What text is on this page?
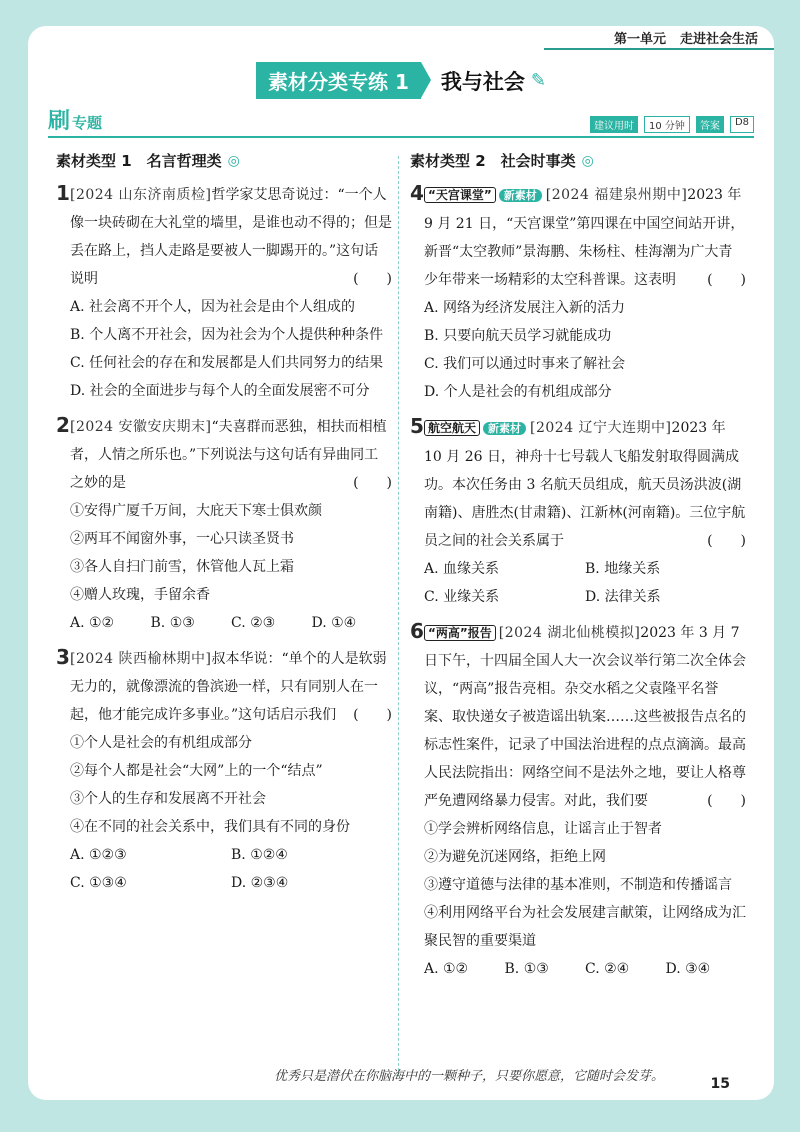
第一单元 走进社会生活
素材分类专练 1	我与社会 ✎
刷 专题	建议用时	10 分钟	答案	D8
素材类型 1　名言哲理类 ◎
1 [2024 山东济南质检]哲学家艾思奇说过：“一个人像一块砖砌在大礼堂的墙里，是谁也动不得的；但是丢在路上，挡人走路是要被人一脚踢开的。”这句话说明	(　　)
A. 社会离不开个人，因为社会是由个人组成的
B. 个人离不开社会，因为社会为个人提供种种条件
C. 任何社会的存在和发展都是人们共同努力的结果
D. 社会的全面进步与每个人的全面发展密不可分
2 [2024 安徽安庆期末]“夫喜群而恶独，相扶而相植者，人情之所乐也。”下列说法与这句话有异曲同工之妙的是	(　　)
①安得广厦千万间，大庇天下寒士俱欢颜
②两耳不闻窗外事，一心只读圣贤书
③各人自扫门前雪，休管他人瓦上霜
④赠人玫瑰，手留余香
A. ①②	B. ①③	C. ②③	D. ①④
3 [2024 陕西榆林期中]叔本华说：“单个的人是软弱无力的，就像漂流的鲁滨逊一样，只有同别人在一起，他才能完成许多事业。”这句话启示我们 (　　)
①个人是社会的有机组成部分
②每个人都是社会“大网”上的一个“结点”
③个人的生存和发展离不开社会
④在不同的社会关系中，我们具有不同的身份
A. ①②③	B. ①②④
C. ①③④	D. ②③④
素材类型 2　社会时事类 ◎
4 “天宫课堂” 新素材 [2024 福建泉州期中]2023 年 9 月 21 日，“天宫课堂”第四课在中国空间站开讲，新晋“太空教师”景海鹏、朱杨柱、桂海潮为广大青少年带来一场精彩的太空科普课。这表明 (　　)
A. 网络为经济发展注入新的活力
B. 只要向航天员学习就能成功
C. 我们可以通过时事来了解社会
D. 个人是社会的有机组成部分
5 航空航天 新素材 [2024 辽宁大连期中]2023 年 10 月 26 日，神舟十七号载人飞船发射取得圆满成功。本次任务由 3 名航天员组成，航天员汤洪波(湖南籍)、唐胜杰(甘肃籍)、江新林(河南籍)。三位宇航员之间的社会关系属于	(　　)
A. 血缘关系	B. 地缘关系
C. 业缘关系	D. 法律关系
6 “两高”报告 [2024 湖北仙桃模拟]2023 年 3 月 7 日下午，十四届全国人大一次会议举行第二次全体会议，“两高”报告亮相。杂交水稻之父袁隆平名誉案、取快递女子被造谣出轨案……这些被报告点名的标志性案件，记录了中国法治进程的点点滴滴。最高人民法院指出：网络空间不是法外之地，要让人格尊严免遭网络暴力侵害。对此，我们要	(　　)
①学会辨析网络信息，让谣言止于智者
②为避免沉迷网络，拒绝上网
③遵守道德与法律的基本准则，不制造和传播谣言
④利用网络平台为社会发展建言献策，让网络成为汇聚民智的重要渠道
A. ①②	B. ①③	C. ②④	D. ③④
优秀只是潜伏在你脑海中的一颗种子，只要你愿意，它随时会发芽。	15
